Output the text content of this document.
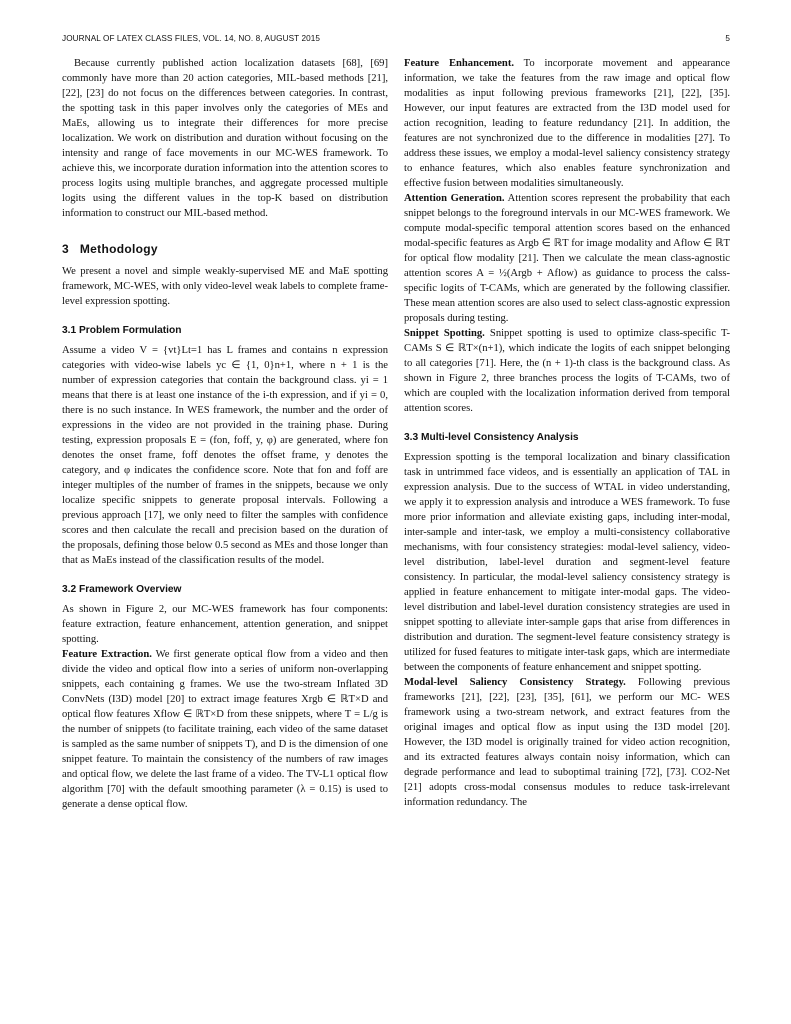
JOURNAL OF LATEX CLASS FILES, VOL. 14, NO. 8, AUGUST 2015	5

Because currently published action localization datasets [68], [69] commonly have more than 20 action categories, MIL-based methods [21], [22], [23] do not focus on the differences between categories. In contrast, the spotting task in this paper involves only the categories of MEs and MaEs, allowing us to integrate their differences for more precise localization. We work on distribution and duration without focusing on the intensity and range of face movements in our MC-WES framework. To achieve this, we incorporate duration information into the attention scores to process logits using multiple branches, and aggregate processed multiple logits using the different values in the top-K based on distribution information to construct our MIL-based method.

3 Methodology

We present a novel and simple weakly-supervised ME and MaE spotting framework, MC-WES, with only video-level weak labels to complete frame-level expression spotting.

3.1 Problem Formulation

Assume a video V = {vt}Lt=1 has L frames and contains n expression categories with video-wise labels yc ∈ {1, 0}n+1, where n + 1 is the number of expression categories that contain the background class. yi = 1 means that there is at least one instance of the i-th expression, and if yi = 0, there is no such instance. In WES framework, the number and the order of expressions in the video are not provided in the training phase. During testing, expression proposals E = (fon, foff, y, φ) are generated, where fon denotes the onset frame, foff denotes the offset frame, y denotes the category, and φ indicates the confidence score. Note that fon and foff are integer multiples of the number of frames in the snippets, because we only localize specific snippets to generate proposal intervals. Following a previous approach [17], we only need to filter the samples with confidence scores and then calculate the recall and precision based on the duration of the proposals, defining those below 0.5 second as MEs and those longer than that as MaEs instead of the classification results of the model.

3.2 Framework Overview

As shown in Figure 2, our MC-WES framework has four components: feature extraction, feature enhancement, attention generation, and snippet spotting.

Feature Extraction. We first generate optical flow from a video and then divide the video and optical flow into a series of uniform non-overlapping snippets, each containing g frames. We use the two-stream Inflated 3D ConvNets (I3D) model [20] to extract image features Xrgb ∈ ℝT×D and optical flow features Xflow ∈ ℝT×D from these snippets, where T = L/g is the number of snippets (to facilitate training, each video of the same dataset is sampled as the same number of snippets T), and D is the dimension of one snippet feature. To maintain the consistency of the numbers of raw images and optical flow, we delete the last frame of a video. The TV-L1 optical flow algorithm [70] with the default smoothing parameter (λ = 0.15) is used to generate a dense optical flow.

Feature Enhancement. To incorporate movement and appearance information, we take the features from the raw image and optical flow modalities as input following previous frameworks [21], [22], [35]. However, our input features are extracted from the I3D model used for action recognition, leading to feature redundancy [21]. In addition, the features are not synchronized due to the difference in modalities [27]. To address these issues, we employ a modal-level saliency consistency strategy to enhance features, which also enables feature synchronization and effective fusion between modalities simultaneously.

Attention Generation. Attention scores represent the probability that each snippet belongs to the foreground intervals in our MC-WES framework. We compute modal-specific temporal attention scores based on the enhanced modal-specific features as Argb ∈ ℝT for image modality and Aflow ∈ ℝT for optical flow modality [21]. Then we calculate the mean class-agnostic attention scores A = ½(Argb + Aflow) as guidance to process the calss-specific logits of T-CAMs, which are generated by the following classifier. These mean attention scores are also used to select class-agnostic expression proposals during testing.

Snippet Spotting. Snippet spotting is used to optimize class-specific T-CAMs S ∈ ℝT×(n+1), which indicate the logits of each snippet belonging to all categories [71]. Here, the (n + 1)-th class is the background class. As shown in Figure 2, three branches process the logits of T-CAMs, two of which are coupled with the localization information derived from temporal attention scores.

3.3 Multi-level Consistency Analysis

Expression spotting is the temporal localization and binary classification task in untrimmed face videos, and is essentially an application of TAL in expression analysis. Due to the success of WTAL in video understanding, we apply it to expression analysis and introduce a WES framework. To fuse more prior information and alleviate existing gaps, including inter-modal, inter-sample and inter-task, we employ a multi-consistency collaborative mechanisms, with four consistency strategies: modal-level saliency, video-level distribution, label-level duration and segment-level feature consistency. In particular, the modal-level saliency consistency strategy is applied in feature enhancement to mitigate inter-modal gaps. The video-level distribution and label-level duration consistency strategies are used in snippet spotting to alleviate inter-sample gaps that arise from differences in distribution and duration. The segment-level feature consistency strategy is utilized for fused features to mitigate inter-task gaps, which are intermediate between the components of feature enhancement and snippet spotting.

Modal-level Saliency Consistency Strategy. Following previous frameworks [21], [22], [23], [35], [61], we perform our MC- WES framework using a two-stream network, and extract features from the original images and optical flow as input using the I3D model [20]. However, the I3D model is originally trained for video action recognition, and its extracted features always contain noisy information, which can degrade performance and lead to suboptimal training [72], [73]. CO2-Net [21] adopts cross-modal consensus modules to reduce task-irrelevant information redundancy. The
